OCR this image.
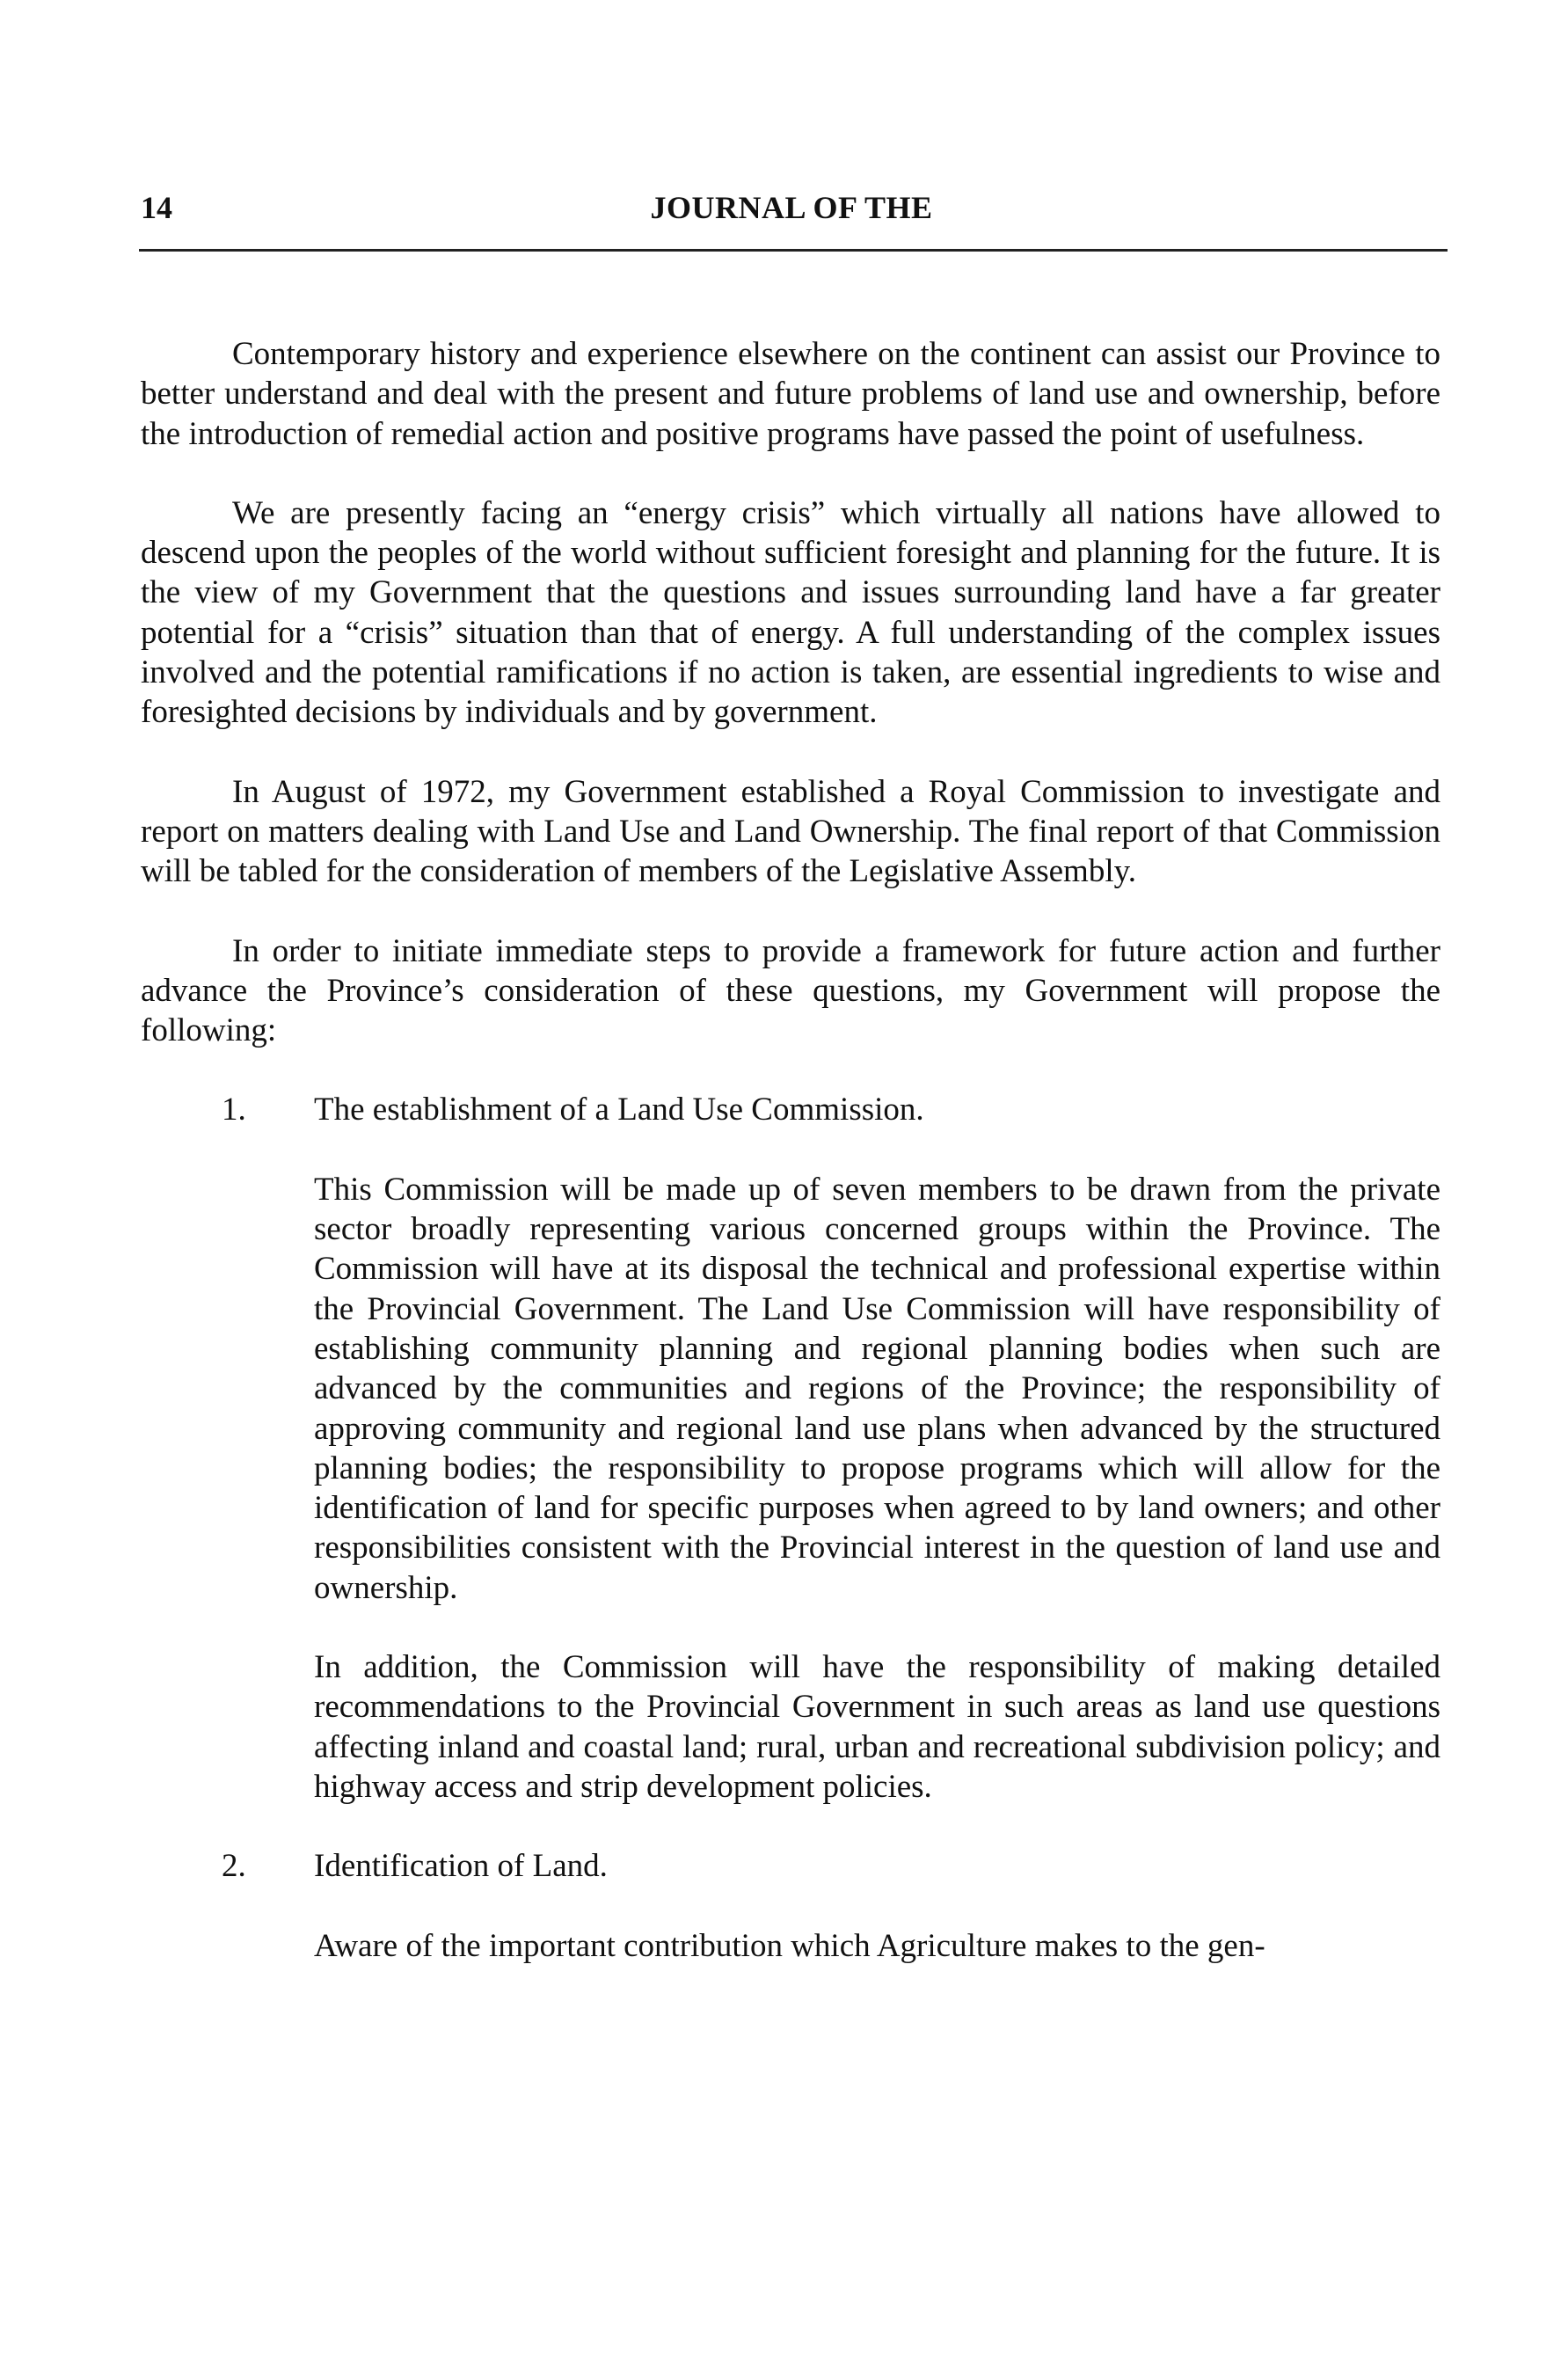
14	JOURNAL OF THE

Contemporary history and experience elsewhere on the continent can assist our Province to better understand and deal with the present and future problems of land use and ownership, before the introduction of remedial action and positive programs have passed the point of usefulness.

We are presently facing an “energy crisis” which virtually all nations have allowed to descend upon the peoples of the world without sufficient foresight and planning for the future. It is the view of my Government that the questions and issues surrounding land have a far greater potential for a “crisis” situation than that of energy. A full understanding of the complex issues involved and the potential ramifications if no action is taken, are essential ingredients to wise and foresighted decisions by individuals and by government.

In August of 1972, my Government established a Royal Commission to investigate and report on matters dealing with Land Use and Land Ownership. The final report of that Commission will be tabled for the consideration of members of the Legislative Assembly.

In order to initiate immediate steps to provide a framework for future action and further advance the Province’s consideration of these questions, my Government will propose the following:

1. The establishment of a Land Use Commission.

This Commission will be made up of seven members to be drawn from the private sector broadly representing various concerned groups within the Province. The Commission will have at its disposal the technical and professional expertise within the Provincial Government. The Land Use Commission will have responsibility of establishing community planning and regional planning bodies when such are advanced by the communities and regions of the Province; the responsibility of approving community and regional land use plans when advanced by the structured planning bodies; the responsibility to propose programs which will allow for the identification of land for specific purposes when agreed to by land owners; and other responsibilities consistent with the Provincial interest in the question of land use and ownership.

In addition, the Commission will have the responsibility of making detailed recommendations to the Provincial Government in such areas as land use questions affecting inland and coastal land; rural, urban and recreational subdivision policy; and highway access and strip development policies.

2. Identification of Land.

Aware of the important contribution which Agriculture makes to the gen-
